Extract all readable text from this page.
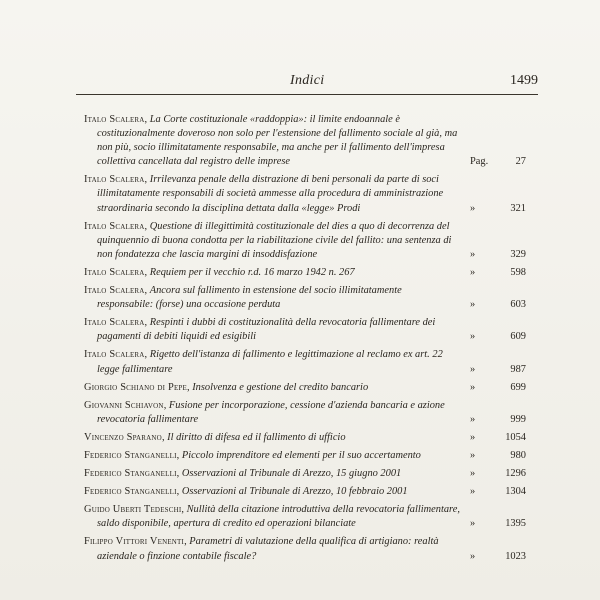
Indici	1499
Italo Scalera, La Corte costituzionale «raddoppia»: il limite endoannale è costituzionalmente doveroso non solo per l'estensione del fallimento sociale al già, ma non più, socio illimitatamente responsabile, ma anche per il fallimento dell'impresa collettiva cancellata dal registro delle imprese	Pag.	27
Italo Scalera, Irrilevanza penale della distrazione di beni personali da parte di soci illimitatamente responsabili di società ammesse alla procedura di amministrazione straordinaria secondo la disciplina dettata dalla «legge» Prodi	»	321
Italo Scalera, Questione di illegittimità costituzionale del dies a quo di decorrenza del quinquennio di buona condotta per la riabilitazione civile del fallito: una sentenza di non fondatezza che lascia margini di insoddisfazione	»	329
Italo Scalera, Requiem per il vecchio r.d. 16 marzo 1942 n. 267	»	598
Italo Scalera, Ancora sul fallimento in estensione del socio illimitatamente responsabile: (forse) una occasione perduta	»	603
Italo Scalera, Respinti i dubbi di costituzionalità della revocatoria fallimentare dei pagamenti di debiti liquidi ed esigibili	»	609
Italo Scalera, Rigetto dell'istanza di fallimento e legittimazione al reclamo ex art. 22 legge fallimentare	»	987
Giorgio Schiano di Pepe, Insolvenza e gestione del credito bancario	»	699
Giovanni Schiavon, Fusione per incorporazione, cessione d'azienda bancaria e azione revocatoria fallimentare	»	999
Vincenzo Sparano, Il diritto di difesa ed il fallimento di ufficio	»	1054
Federico Stanganelli, Piccolo imprenditore ed elementi per il suo accertamento	»	980
Federico Stanganelli, Osservazioni al Tribunale di Arezzo, 15 giugno 2001	»	1296
Federico Stanganelli, Osservazioni al Tribunale di Arezzo, 10 febbraio 2001	»	1304
Guido Uberti Tedeschi, Nullità della citazione introduttiva della revocatoria fallimentare, saldo disponibile, apertura di credito ed operazioni bilanciate	»	1395
Filippo Vittori Venenti, Parametri di valutazione della qualifica di artigiano: realtà aziendale o finzione contabile fiscale?	»	1023
